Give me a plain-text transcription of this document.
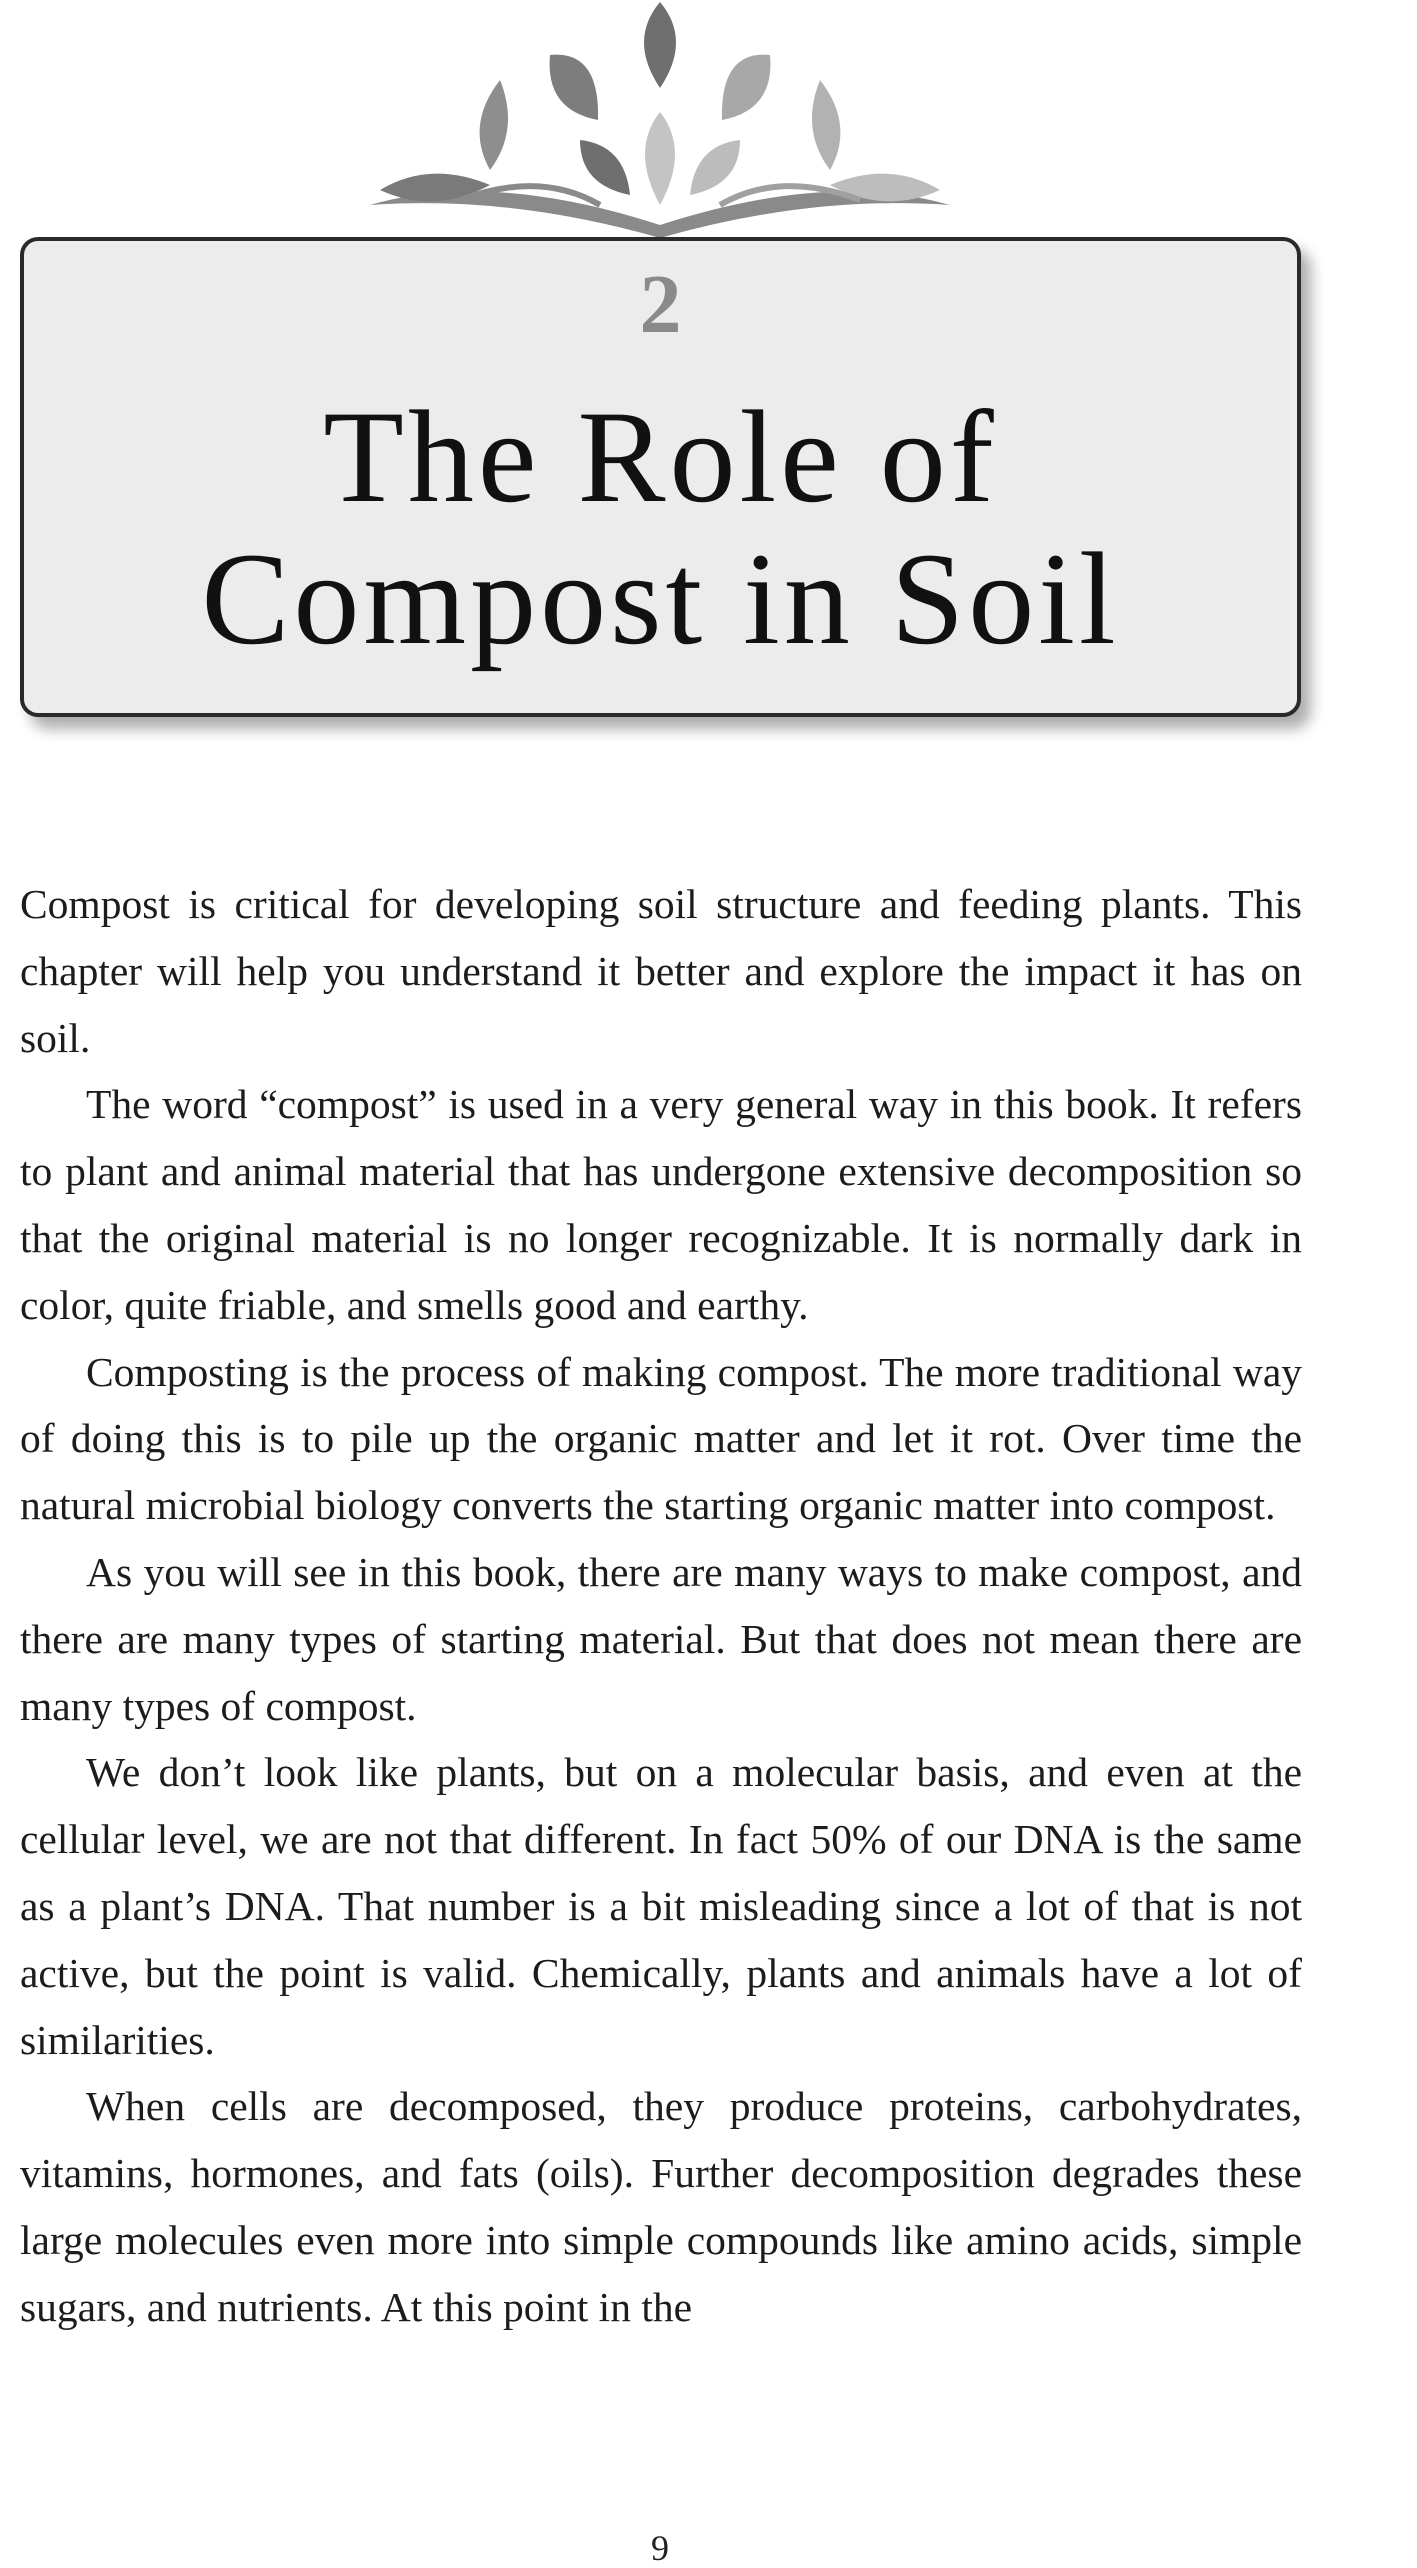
2
The Role of
Compost in Soil

Compost is critical for developing soil structure and feeding plants. This chapter will help you understand it better and explore the impact it has on soil.

The word “compost” is used in a very general way in this book. It refers to plant and animal material that has undergone extensive decomposition so that the original material is no longer recognizable. It is normally dark in color, quite friable, and smells good and earthy.

Composting is the process of making compost. The more traditional way of doing this is to pile up the organic matter and let it rot. Over time the natural microbial biology converts the starting organic matter into compost.

As you will see in this book, there are many ways to make compost, and there are many types of starting material. But that does not mean there are many types of compost.

We don’t look like plants, but on a molecular basis, and even at the cellular level, we are not that different. In fact 50% of our DNA is the same as a plant’s DNA. That number is a bit misleading since a lot of that is not active, but the point is valid. Chemically, plants and animals have a lot of similarities.

When cells are decomposed, they produce proteins, carbohydrates, vitamins, hormones, and fats (oils). Further decomposition degrades these large molecules even more into simple compounds like amino acids, simple sugars, and nutrients. At this point in the

9
